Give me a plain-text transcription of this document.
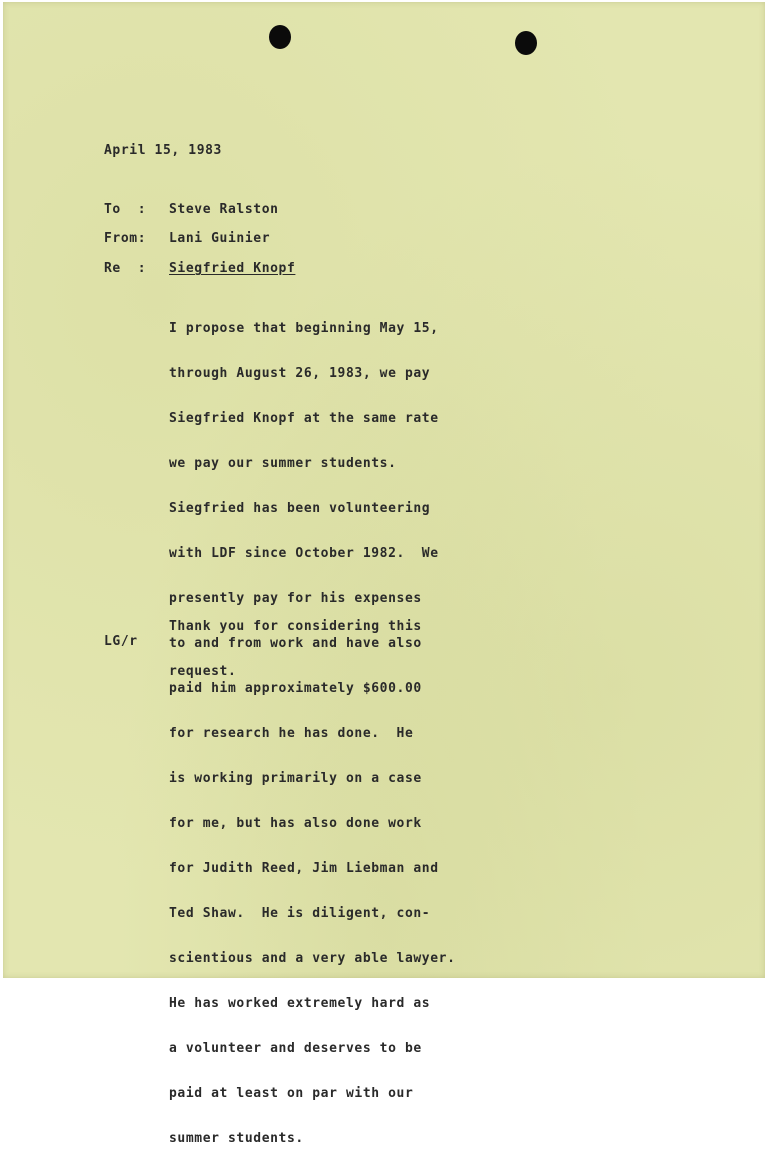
April 15, 1983
To  : Steve Ralston
From: Lani Guinier
Re  : Siegfried Knopf

I propose that beginning May 15,

through August 26, 1983, we pay

Siegfried Knopf at the same rate

we pay our summer students.

Siegfried has been volunteering

with LDF since October 1982.  We

presently pay for his expenses

to and from work and have also

paid him approximately $600.00

for research he has done.  He

is working primarily on a case

for me, but has also done work

for Judith Reed, Jim Liebman and

Ted Shaw.  He is diligent, con-

scientious and a very able lawyer.

He has worked extremely hard as

a volunteer and deserves to be

paid at least on par with our

summer students.

Thank you for considering this

request.

LG/r
